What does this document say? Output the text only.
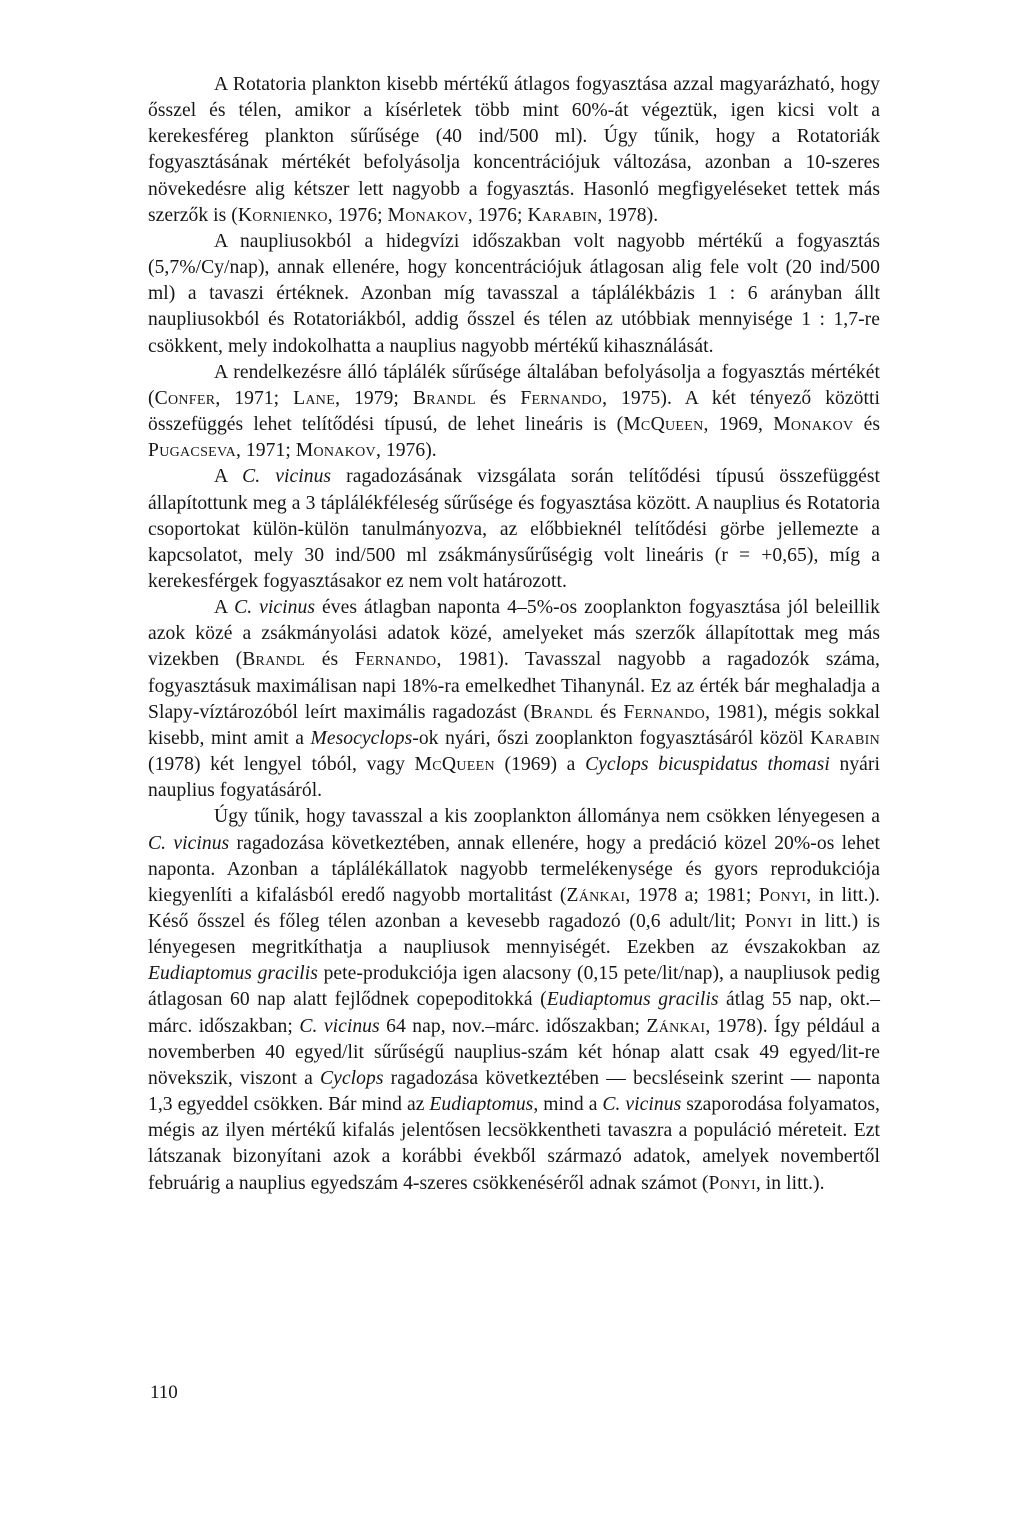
A Rotatoria plankton kisebb mértékű átlagos fogyasztása azzal magyarázható, hogy ősszel és télen, amikor a kísérletek több mint 60%-át végeztük, igen kicsi volt a kerekesféreg plankton sűrűsége (40 ind/500 ml). Úgy tűnik, hogy a Rotatoriák fogyasztásának mértékét befolyásolja koncentrációjuk változása, azonban a 10-szeres növekedésre alig kétszer lett nagyobb a fogyasztás. Hasonló megfigyeléseket tettek más szerzők is (Kornienko, 1976; Monakov, 1976; Karabin, 1978).

A naupliusokból a hidegvízi időszakban volt nagyobb mértékű a fogyasztás (5,7%/Cy/nap), annak ellenére, hogy koncentrációjuk átlagosan alig fele volt (20 ind/500 ml) a tavaszi értéknek. Azonban míg tavasszal a táplálékbázis 1 : 6 arányban állt naupliusokból és Rotatoriákból, addig ősszel és télen az utóbbiak mennyisége 1 : 1,7-re csökkent, mely indokolhatta a nauplius nagyobb mértékű kihasználását.

A rendelkezésre álló táplálék sűrűsége általában befolyásolja a fogyasztás mértékét (Confer, 1971; Lane, 1979; Brandl és Fernando, 1975). A két tényező közötti összefüggés lehet telítődési típusú, de lehet lineáris is (McQueen, 1969, Monakov és Pugacseva, 1971; Monakov, 1976).

A C. vicinus ragadozásának vizsgálata során telítődési típusú összefüggést állapítottunk meg a 3 táplálékféleség sűrűsége és fogyasztása között. A nauplius és Rotatoria csoportokat külön-külön tanulmányozva, az előbbieknél telítődési görbe jellemezte a kapcsolatot, mely 30 ind/500 ml zsákmánysűrűségig volt lineáris (r = +0,65), míg a kerekesférgek fogyasztásakor ez nem volt határozott.

A C. vicinus éves átlagban naponta 4–5%-os zooplankton fogyasztása jól beleillik azok közé a zsákmányolási adatok közé, amelyeket más szerzők állapítottak meg más vizekben (Brandl és Fernando, 1981). Tavasszal nagyobb a ragadozók száma, fogyasztásuk maximálisan napi 18%-ra emelkedhet Tihanynál. Ez az érték bár meghaladja a Slapy-víztározóból leírt maximális ragadozást (Brandl és Fernando, 1981), mégis sokkal kisebb, mint amit a Mesocyclops-ok nyári, őszi zooplankton fogyasztásáról közöl Karabin (1978) két lengyel tóból, vagy McQueen (1969) a Cyclops bicuspidatus thomasi nyári nauplius fogyatásáról.

Úgy tűnik, hogy tavasszal a kis zooplankton állománya nem csökken lényegesen a C. vicinus ragadozása következtében, annak ellenére, hogy a predáció közel 20%-os lehet naponta. Azonban a táplálékállatok nagyobb termelékenysége és gyors reprodukciója kiegyenlíti a kifalásból eredő nagyobb mortalitást (Zánkai, 1978 a; 1981; Ponyi, in litt.). Késő ősszel és főleg télen azonban a kevesebb ragadozó (0,6 adult/lit; Ponyi in litt.) is lényegesen megritkíthatja a naupliusok mennyiségét. Ezekben az évszakokban az Eudiaptomus gracilis pete-produkciója igen alacsony (0,15 pete/lit/nap), a naupliusok pedig átlagosan 60 nap alatt fejlődnek copepoditokká (Eudiaptomus gracilis átlag 55 nap, okt.–márc. időszakban; C. vicinus 64 nap, nov.–márc. időszakban; Zánkai, 1978). Így például a novemberben 40 egyed/lit sűrűségű nauplius-szám két hónap alatt csak 49 egyed/lit-re növekszik, viszont a Cyclops ragadozása következtében — becsléseink szerint — naponta 1,3 egyeddel csökken. Bár mind az Eudiaptomus, mind a C. vicinus szaporodása folyamatos, mégis az ilyen mértékű kifalás jelentősen lecsökkentheti tavaszra a populáció méreteit. Ezt látszanak bizonyítani azok a korábbi évekből származó adatok, amelyek novembertől februárig a nauplius egyedszám 4-szeres csökkenéséről adnak számot (Ponyi, in litt.).

110
